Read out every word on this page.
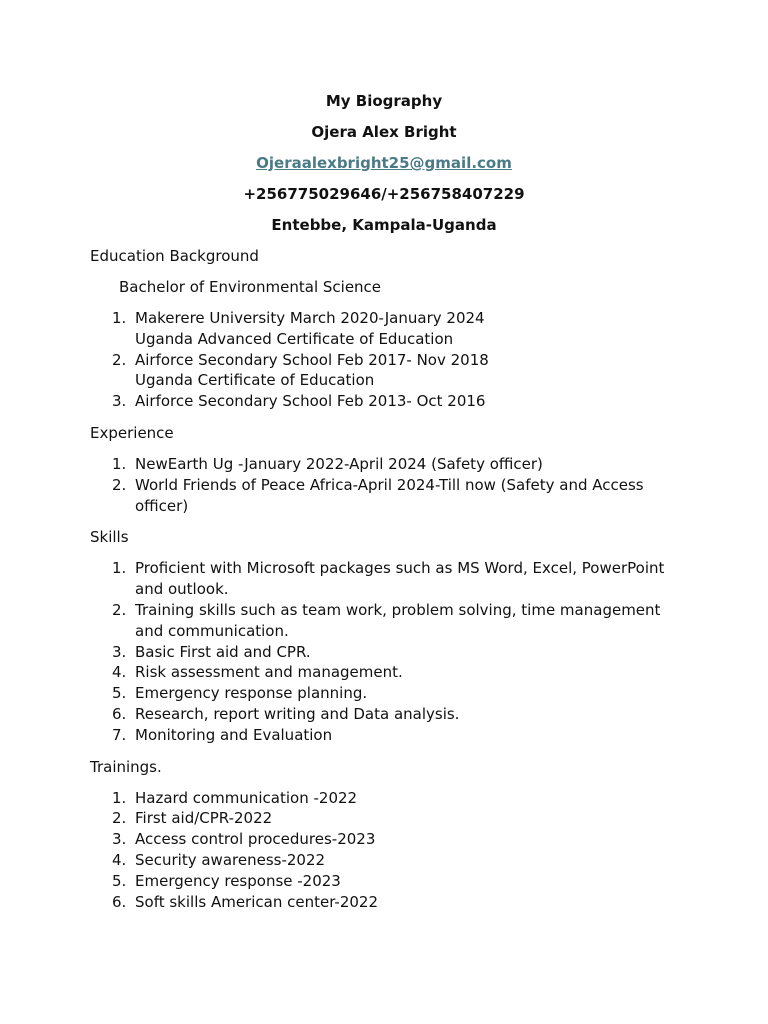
My Biography

Ojera Alex Bright

Ojeraalexbright25@gmail.com

+256775029646/+256758407229

Entebbe, Kampala-Uganda

Education Background

Bachelor of Environmental Science

1. Makerere University March 2020-January 2024
Uganda Advanced Certificate of Education
2. Airforce Secondary School Feb 2017- Nov 2018
Uganda Certificate of Education
3. Airforce Secondary School Feb 2013- Oct 2016

Experience

1. NewEarth Ug -January 2022-April 2024 (Safety officer)
2. World Friends of Peace Africa-April 2024-Till now (Safety and Access officer)

Skills

1. Proficient with Microsoft packages such as MS Word, Excel, PowerPoint and outlook.
2. Training skills such as team work, problem solving, time management and communication.
3. Basic First aid and CPR.
4. Risk assessment and management.
5. Emergency response planning.
6. Research, report writing and Data analysis.
7. Monitoring and Evaluation

Trainings.

1. Hazard communication -2022
2. First aid/CPR-2022
3. Access control procedures-2023
4. Security awareness-2022
5. Emergency response -2023
6. Soft skills American center-2022
